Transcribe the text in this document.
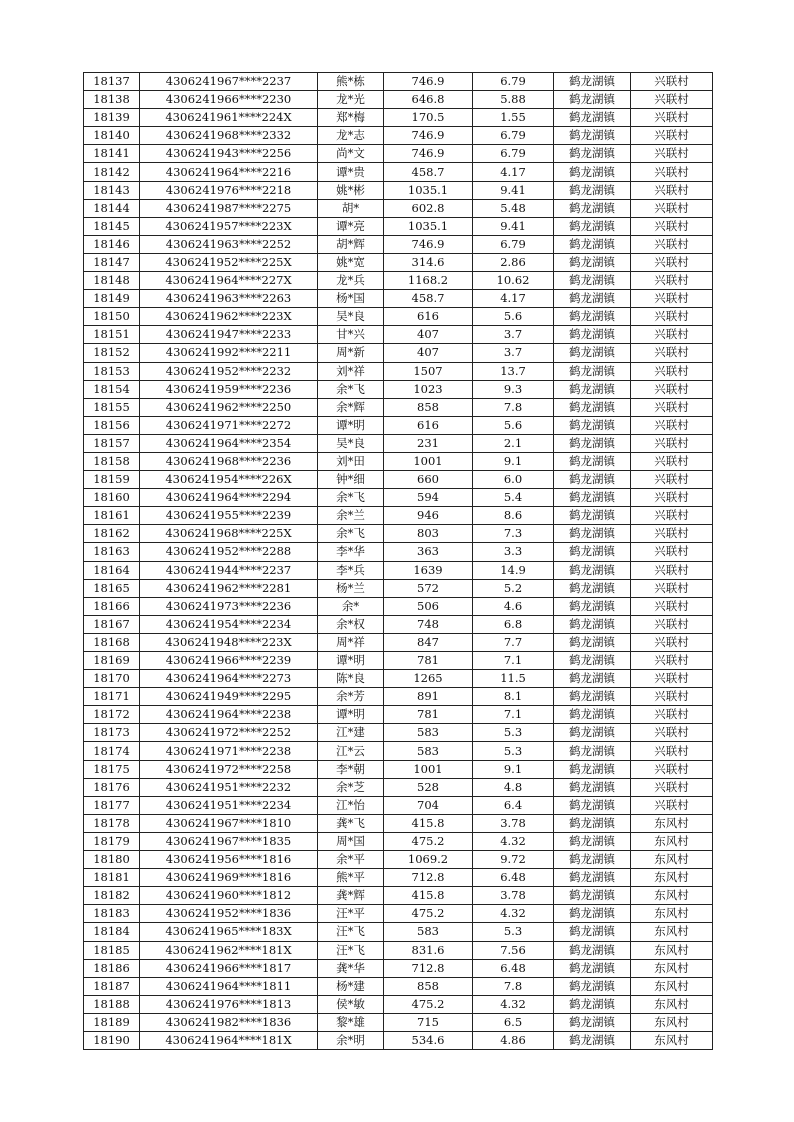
18137	4306241967****2237	熊*栋	746.9	6.79	鹤龙湖镇	兴联村
18138	4306241966****2230	龙*光	646.8	5.88	鹤龙湖镇	兴联村
18139	4306241961****224X	郑*梅	170.5	1.55	鹤龙湖镇	兴联村
18140	4306241968****2332	龙*志	746.9	6.79	鹤龙湖镇	兴联村
18141	4306241943****2256	尚*文	746.9	6.79	鹤龙湖镇	兴联村
18142	4306241964****2216	谭*贵	458.7	4.17	鹤龙湖镇	兴联村
18143	4306241976****2218	姚*彬	1035.1	9.41	鹤龙湖镇	兴联村
18144	4306241987****2275	胡*	602.8	5.48	鹤龙湖镇	兴联村
18145	4306241957****223X	谭*亮	1035.1	9.41	鹤龙湖镇	兴联村
18146	4306241963****2252	胡*辉	746.9	6.79	鹤龙湖镇	兴联村
18147	4306241952****225X	姚*宽	314.6	2.86	鹤龙湖镇	兴联村
18148	4306241964****227X	龙*兵	1168.2	10.62	鹤龙湖镇	兴联村
18149	4306241963****2263	杨*国	458.7	4.17	鹤龙湖镇	兴联村
18150	4306241962****223X	吴*良	616	5.6	鹤龙湖镇	兴联村
18151	4306241947****2233	甘*兴	407	3.7	鹤龙湖镇	兴联村
18152	4306241992****2211	周*新	407	3.7	鹤龙湖镇	兴联村
18153	4306241952****2232	刘*祥	1507	13.7	鹤龙湖镇	兴联村
18154	4306241959****2236	余*飞	1023	9.3	鹤龙湖镇	兴联村
18155	4306241962****2250	余*辉	858	7.8	鹤龙湖镇	兴联村
18156	4306241971****2272	谭*明	616	5.6	鹤龙湖镇	兴联村
18157	4306241964****2354	吴*良	231	2.1	鹤龙湖镇	兴联村
18158	4306241968****2236	刘*田	1001	9.1	鹤龙湖镇	兴联村
18159	4306241954****226X	钟*细	660	6.0	鹤龙湖镇	兴联村
18160	4306241964****2294	余*飞	594	5.4	鹤龙湖镇	兴联村
18161	4306241955****2239	余*兰	946	8.6	鹤龙湖镇	兴联村
18162	4306241968****225X	余*飞	803	7.3	鹤龙湖镇	兴联村
18163	4306241952****2288	李*华	363	3.3	鹤龙湖镇	兴联村
18164	4306241944****2237	李*兵	1639	14.9	鹤龙湖镇	兴联村
18165	4306241962****2281	杨*兰	572	5.2	鹤龙湖镇	兴联村
18166	4306241973****2236	余*	506	4.6	鹤龙湖镇	兴联村
18167	4306241954****2234	余*权	748	6.8	鹤龙湖镇	兴联村
18168	4306241948****223X	周*祥	847	7.7	鹤龙湖镇	兴联村
18169	4306241966****2239	谭*明	781	7.1	鹤龙湖镇	兴联村
18170	4306241964****2273	陈*良	1265	11.5	鹤龙湖镇	兴联村
18171	4306241949****2295	余*芳	891	8.1	鹤龙湖镇	兴联村
18172	4306241964****2238	谭*明	781	7.1	鹤龙湖镇	兴联村
18173	4306241972****2252	江*建	583	5.3	鹤龙湖镇	兴联村
18174	4306241971****2238	江*云	583	5.3	鹤龙湖镇	兴联村
18175	4306241972****2258	李*朝	1001	9.1	鹤龙湖镇	兴联村
18176	4306241951****2232	余*芝	528	4.8	鹤龙湖镇	兴联村
18177	4306241951****2234	江*怡	704	6.4	鹤龙湖镇	兴联村
18178	4306241967****1810	龚*飞	415.8	3.78	鹤龙湖镇	东风村
18179	4306241967****1835	周*国	475.2	4.32	鹤龙湖镇	东风村
18180	4306241956****1816	余*平	1069.2	9.72	鹤龙湖镇	东风村
18181	4306241969****1816	熊*平	712.8	6.48	鹤龙湖镇	东风村
18182	4306241960****1812	龚*辉	415.8	3.78	鹤龙湖镇	东风村
18183	4306241952****1836	汪*平	475.2	4.32	鹤龙湖镇	东风村
18184	4306241965****183X	汪*飞	583	5.3	鹤龙湖镇	东风村
18185	4306241962****181X	汪*飞	831.6	7.56	鹤龙湖镇	东风村
18186	4306241966****1817	龚*华	712.8	6.48	鹤龙湖镇	东风村
18187	4306241964****1811	杨*建	858	7.8	鹤龙湖镇	东风村
18188	4306241976****1813	侯*敏	475.2	4.32	鹤龙湖镇	东风村
18189	4306241982****1836	黎*雄	715	6.5	鹤龙湖镇	东风村
18190	4306241964****181X	余*明	534.6	4.86	鹤龙湖镇	东风村
